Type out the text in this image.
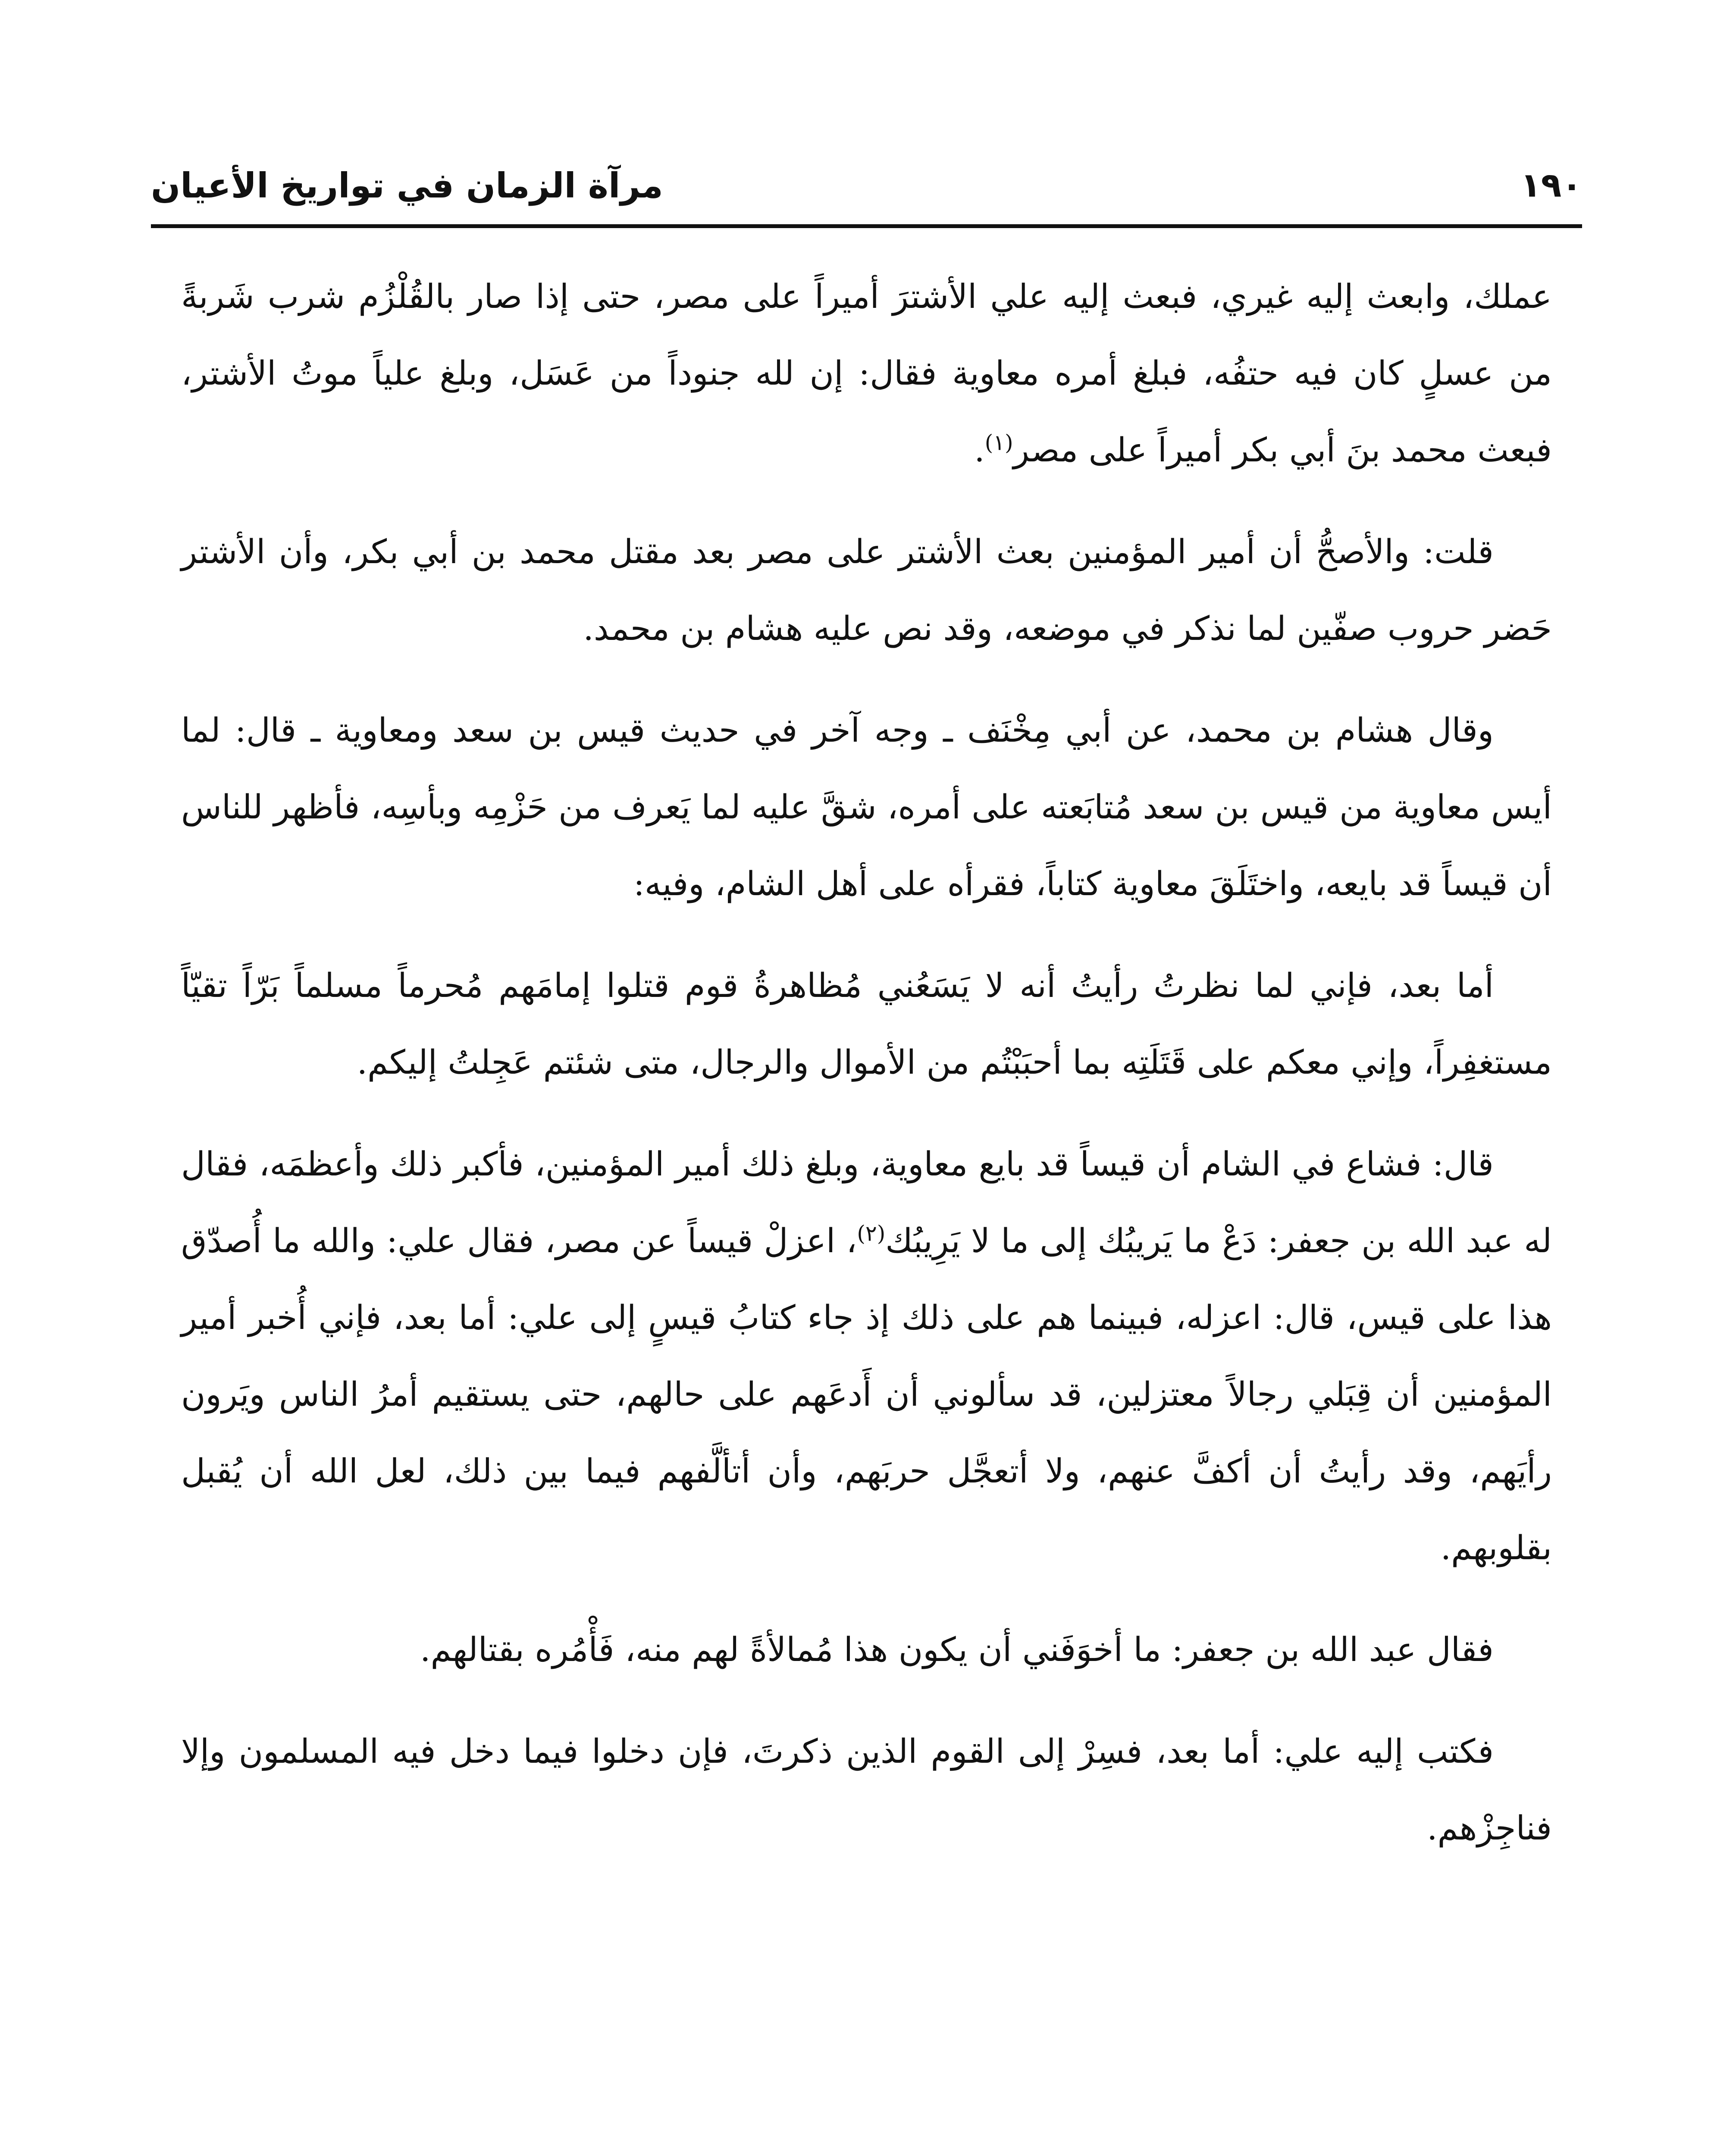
١٩٠
مرآة الزمان في تواريخ الأعيان

عملك، وابعث إليه غيري، فبعث إليه علي الأشترَ أميراً على مصر، حتى إذا صار بالقُلْزُم شرب شَربةً من عسلٍ كان فيه حتفُه، فبلغ أمره معاوية فقال: إن لله جنوداً من عَسَل، وبلغ علياً موتُ الأشتر، فبعث محمد بنَ أبي بكر أميراً على مصر$^{(١)}$.

قلت: والأصحُّ أن أمير المؤمنين بعث الأشتر على مصر بعد مقتل محمد بن أبي بكر، وأن الأشتر حَضر حروب صفّين لما نذكر في موضعه، وقد نص عليه هشام بن محمد.

وقال هشام بن محمد، عن أبي مِخْنَف ـ وجه آخر في حديث قيس بن سعد ومعاوية ـ قال: لما أيس معاوية من قيس بن سعد مُتابَعته على أمره، شقَّ عليه لما يَعرف من حَزْمِه وبأسِه، فأظهر للناس أن قيساً قد بايعه، واختَلَقَ معاوية كتاباً، فقرأه على أهل الشام، وفيه:

أما بعد، فإني لما نظرتُ رأيتُ أنه لا يَسَعُني مُظاهرةُ قوم قتلوا إمامَهم مُحرماً مسلماً بَرّاً تقيّاً مستغفِراً، وإني معكم على قَتَلَتِه بما أحبَبْتُم من الأموال والرجال، متى شئتم عَجِلتُ إليكم.

قال: فشاع في الشام أن قيساً قد بايع معاوية، وبلغ ذلك أمير المؤمنين، فأكبر ذلك وأعظمَه، فقال له عبد الله بن جعفر: دَعْ ما يَريبُك إلى ما لا يَرِيبُك$^{(٢)}$، اعزلْ قيساً عن مصر، فقال علي: والله ما أُصدّق هذا على قيس، قال: اعزله، فبينما هم على ذلك إذ جاء كتابُ قيسٍ إلى علي: أما بعد، فإني أُخبر أمير المؤمنين أن قِبَلي رجالاً معتزلين، قد سألوني أن أَدعَهم على حالهم، حتى يستقيم أمرُ الناس ويَرون رأيَهم، وقد رأيتُ أن أكفَّ عنهم، ولا أتعجَّل حربَهم، وأن أتألَّفهم فيما بين ذلك، لعل الله أن يُقبل بقلوبهم.

فقال عبد الله بن جعفر: ما أخوَفَني أن يكون هذا مُمالأةً لهم منه، فَأْمُره بقتالهم.

فكتب إليه علي: أما بعد، فسِرْ إلى القوم الذين ذكرتَ، فإن دخلوا فيما دخل فيه المسلمون وإلا فناجِزْهم.
